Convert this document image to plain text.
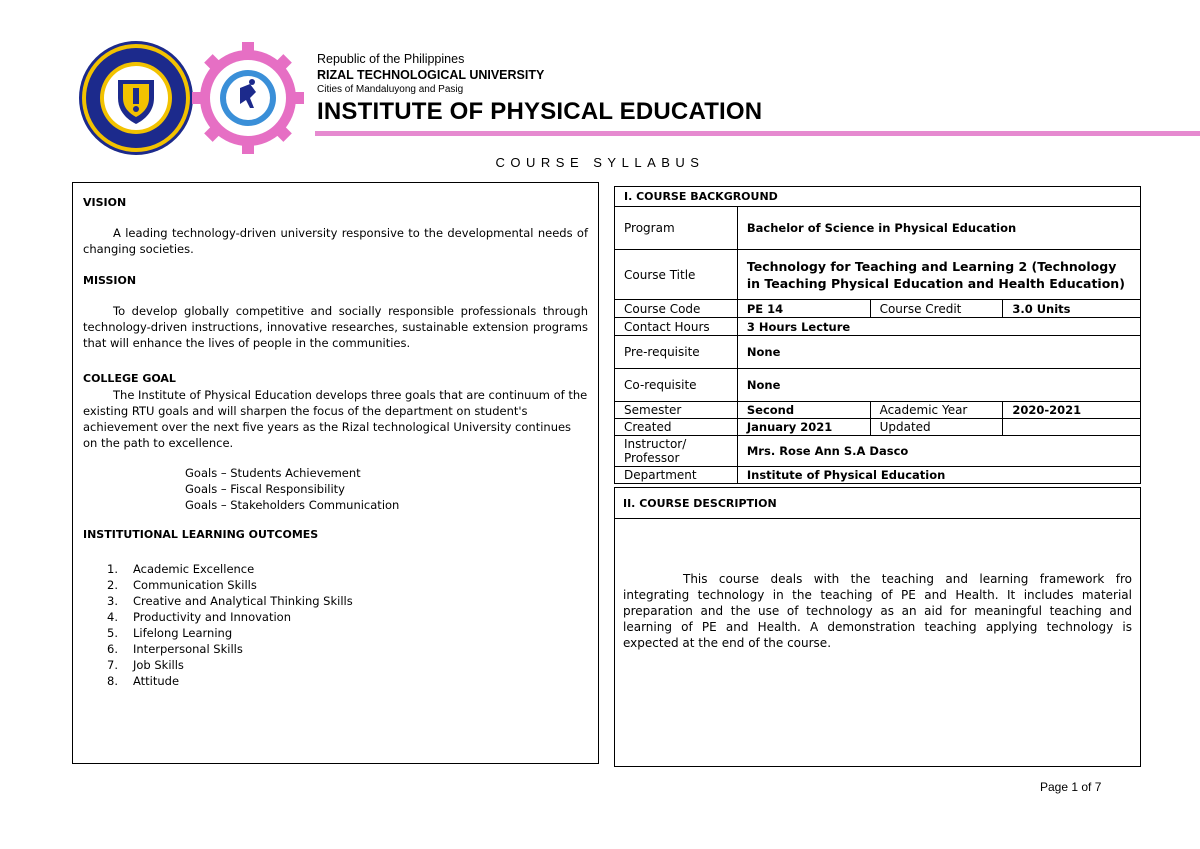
Republic of the Philippines
RIZAL TECHNOLOGICAL UNIVERSITY
Cities of Mandaluyong and Pasig
INSTITUTE OF PHYSICAL EDUCATION
COURSE SYLLABUS
VISION
A leading technology-driven university responsive to the developmental needs of changing societies.
MISSION
To develop globally competitive and socially responsible professionals through technology-driven instructions, innovative researches, sustainable extension programs that will enhance the lives of people in the communities.
COLLEGE GOAL
The Institute of Physical Education develops three goals that are continuum of the existing RTU goals and will sharpen the focus of the department on student's achievement over the next five years as the Rizal technological University continues on the path to excellence.
Goals – Students Achievement
Goals – Fiscal Responsibility
Goals – Stakeholders Communication
INSTITUTIONAL LEARNING OUTCOMES
1.	Academic Excellence
2.	Communication Skills
3.	Creative and Analytical Thinking Skills
4.	Productivity and Innovation
5.	Lifelong Learning
6.	Interpersonal Skills
7.	Job Skills
8.	Attitude
I. COURSE BACKGROUND			
Program	Bachelor of Science in Physical Education		
Course Title	Technology for Teaching and Learning 2 (Technology in Teaching Physical Education and Health Education)		
Course Code	PE 14	Course Credit	3.0 Units
Contact Hours	3 Hours Lecture		
Pre-requisite	None		
Co-requisite	None		
Semester	Second	Academic Year	2020-2021
Created	January 2021	Updated	

Instructor/
Professor	Mrs. Rose Ann S.A Dasco		
Department	Institute of Physical Education		
II. COURSE DESCRIPTION
This course deals with the teaching and learning framework fro integrating technology in the teaching of PE and Health. It includes material preparation and the use of technology as an aid for meaningful teaching and learning of PE and Health. A demonstration teaching applying technology is expected at the end of the course.
Page 1 of 7
